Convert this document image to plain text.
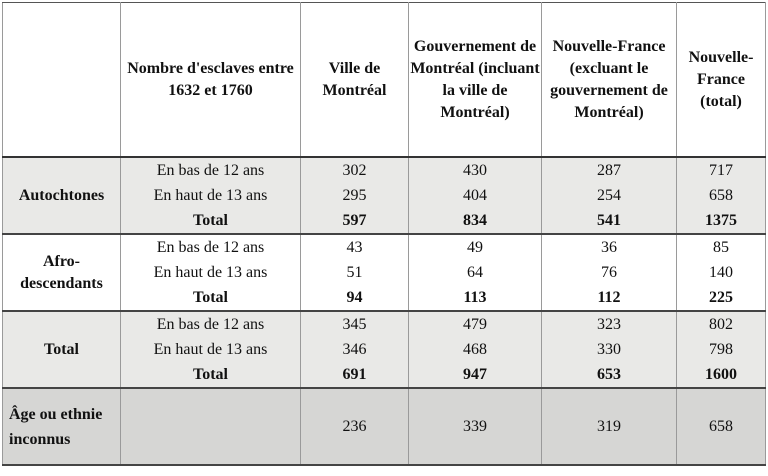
	Nombre d'esclaves entre 1632 et 1760	Ville de Montréal	Gouvernement de Montréal (incluant la ville de Montréal)	Nouvelle-France (excluant le gouvernement de Montréal)	Nouvelle-France (total)
Autochtones	En bas de 12 ans	302	430	287	717
	En haut de 13 ans	295	404	254	658
	Total	597	834	541	1375
Afro-descendants	En bas de 12 ans	43	49	36	85
	En haut de 13 ans	51	64	76	140
	Total	94	113	112	225
Total	En bas de 12 ans	345	479	323	802
	En haut de 13 ans	346	468	330	798
	Total	691	947	653	1600
Âge ou ethnie inconnus		236	339	319	658
